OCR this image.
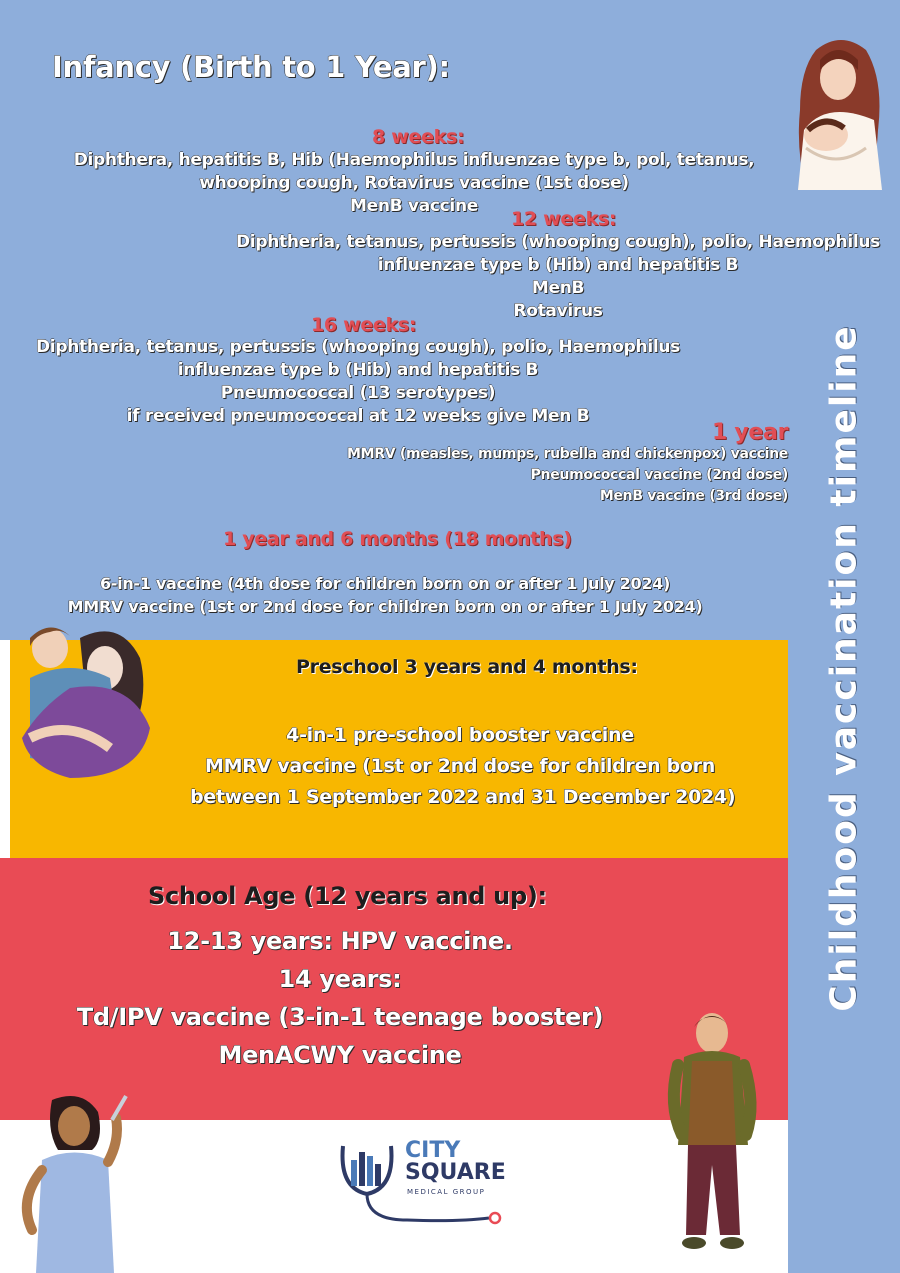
Childhood vaccination timeline
Infancy (Birth to 1 Year):
8 weeks:
Diphthera, hepatitis B, Hib (Haemophilus influenzae type b, pol, tetanus,
whooping cough, Rotavirus vaccine (1st dose)
MenB vaccine
12 weeks:
Diphtheria, tetanus, pertussis (whooping cough), polio, Haemophilus
influenzae type b (Hib) and hepatitis B
MenB
Rotavirus
16 weeks:
Diphtheria, tetanus, pertussis (whooping cough), polio, Haemophilus
influenzae type b (Hib) and hepatitis B
Pneumococcal (13 serotypes)
if received pneumococcal at 12 weeks give Men B
1 year
MMRV (measles, mumps, rubella and chickenpox) vaccine
Pneumococcal vaccine (2nd dose)
MenB vaccine (3rd dose)
1 year and 6 months (18 months)
6-in-1 vaccine (4th dose for children born on or after 1 July 2024)
MMRV vaccine (1st or 2nd dose for children born on or after 1 July 2024)
Preschool 3 years and 4 months:
4-in-1 pre-school booster vaccine
MMRV vaccine (1st or 2nd dose for children born
between 1 September 2022 and 31 December 2024)
School Age (12 years and up):
12-13 years: HPV vaccine.
14 years:
Td/IPV vaccine (3-in-1 teenage booster)
MenACWY vaccine
CITY
SQUARE
MEDICAL GROUP
